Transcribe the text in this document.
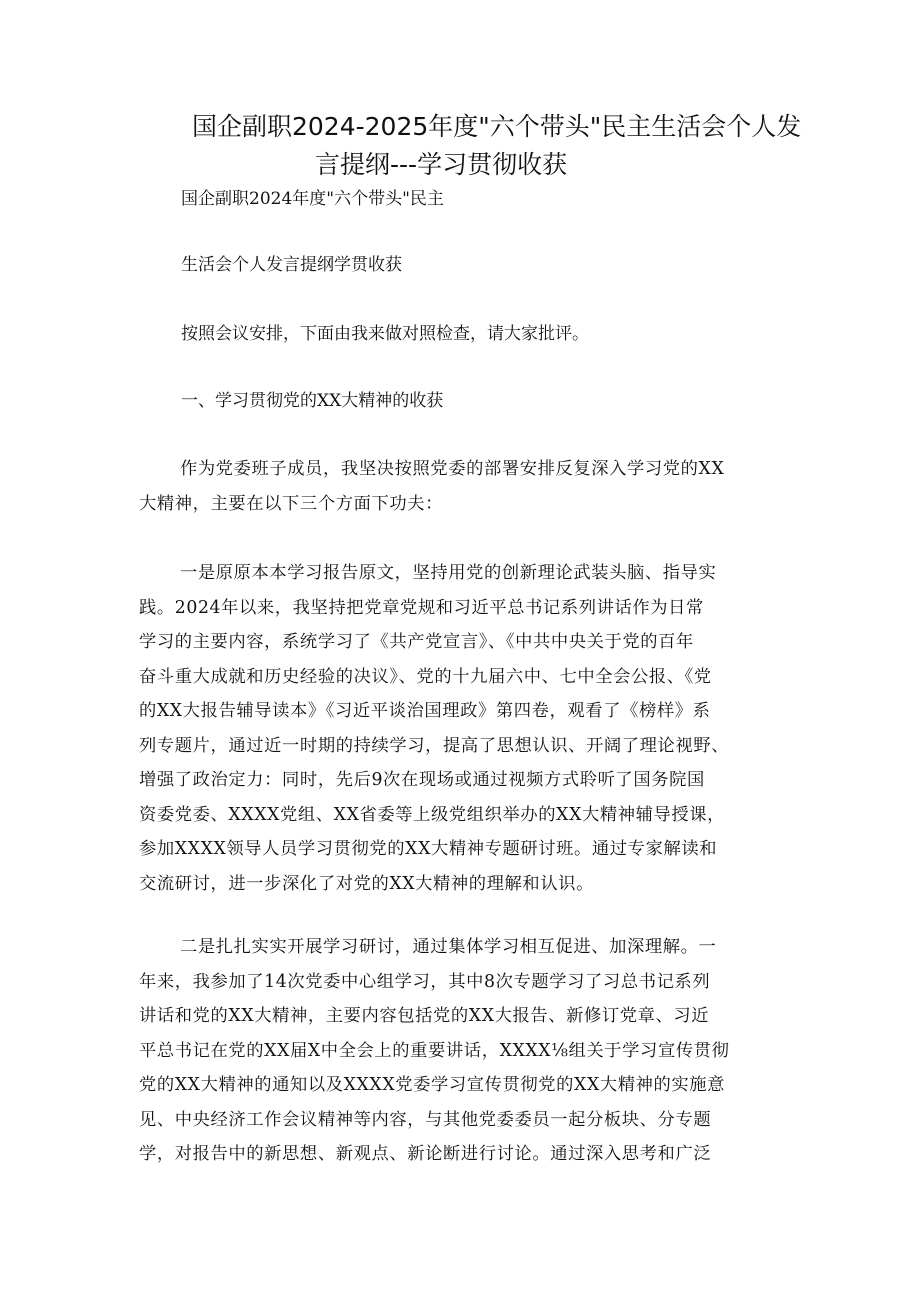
国企副职2024-2025年度"六个带头"民主生活会个人发
言提纲---学习贯彻收获

国企副职2024年度"六个带头"民主

生活会个人发言提纲学贯收获

按照会议安排，下面由我来做对照检查，请大家批评。

一、学习贯彻党的XX大精神的收获

作为党委班子成员，我坚决按照党委的部署安排反复深入学习党的XX
大精神，主要在以下三个方面下功夫：
一是原原本本学习报告原文，坚持用党的创新理论武装头脑、指导实
践。2024年以来，我坚持把党章党规和习近平总书记系列讲话作为日常
学习的主要内容，系统学习了《共产党宣言》、《中共中央关于党的百年
奋斗重大成就和历史经验的决议》、党的十九届六中、七中全会公报、《党
的XX大报告辅导读本》《习近平谈治国理政》第四卷，观看了《榜样》系
列专题片，通过近一时期的持续学习，提高了思想认识、开阔了理论视野、
增强了政治定力：同时，先后9次在现场或通过视频方式聆听了国务院国
资委党委、XXXX党组、XX省委等上级党组织举办的XX大精神辅导授课，
参加XXXX领导人员学习贯彻党的XX大精神专题研讨班。通过专家解读和
交流研讨，进一步深化了对党的XX大精神的理解和认识。
二是扎扎实实开展学习研讨，通过集体学习相互促进、加深理解。一
年来，我参加了14次党委中心组学习，其中8次专题学习了习总书记系列
讲话和党的XX大精神，主要内容包括党的XX大报告、新修订党章、习近
平总书记在党的XX届X中全会上的重要讲话，XXXX⅛组关于学习宣传贯彻
党的XX大精神的通知以及XXXX党委学习宣传贯彻党的XX大精神的实施意
见、中央经济工作会议精神等内容，与其他党委委员一起分板块、分专题
学，对报告中的新思想、新观点、新论断进行讨论。通过深入思考和广泛
